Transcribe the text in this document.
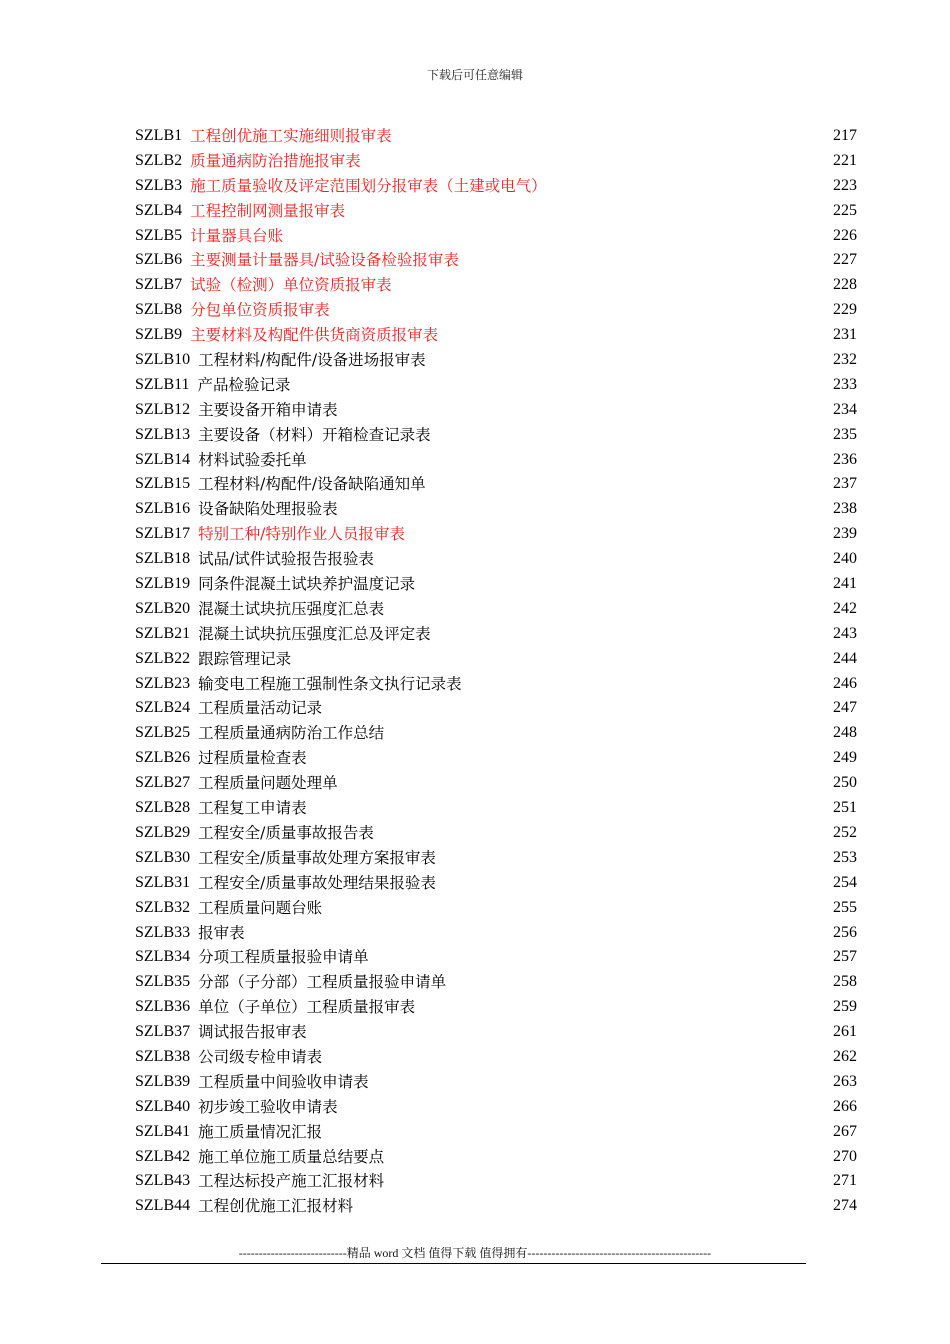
下载后可任意编辑
SZLB1 工程创优施工实施细则报审表	217
SZLB2 质量通病防治措施报审表	221
SZLB3 施工质量验收及评定范围划分报审表（土建或电气）	223
SZLB4 工程控制网测量报审表	225
SZLB5 计量器具台账	226
SZLB6 主要测量计量器具/试验设备检验报审表	227
SZLB7 试验（检测）单位资质报审表	228
SZLB8 分包单位资质报审表	229
SZLB9 主要材料及构配件供货商资质报审表	231
SZLB10 工程材料/构配件/设备进场报审表	232
SZLB11 产品检验记录	233
SZLB12 主要设备开箱申请表	234
SZLB13 主要设备（材料）开箱检查记录表	235
SZLB14 材料试验委托单	236
SZLB15 工程材料/构配件/设备缺陷通知单	237
SZLB16 设备缺陷处理报验表	238
SZLB17 特别工种/特别作业人员报审表	239
SZLB18 试品/试件试验报告报验表	240
SZLB19 同条件混凝土试块养护温度记录	241
SZLB20 混凝土试块抗压强度汇总表	242
SZLB21 混凝土试块抗压强度汇总及评定表	243
SZLB22 跟踪管理记录	244
SZLB23 输变电工程施工强制性条文执行记录表	246
SZLB24 工程质量活动记录	247
SZLB25 工程质量通病防治工作总结	248
SZLB26 过程质量检查表	249
SZLB27 工程质量问题处理单	250
SZLB28 工程复工申请表	251
SZLB29 工程安全/质量事故报告表	252
SZLB30 工程安全/质量事故处理方案报审表	253
SZLB31 工程安全/质量事故处理结果报验表	254
SZLB32 工程质量问题台账	255
SZLB33 报审表	256
SZLB34 分项工程质量报验申请单	257
SZLB35 分部（子分部）工程质量报验申请单	258
SZLB36 单位（子单位）工程质量报审表	259
SZLB37 调试报告报审表	261
SZLB38 公司级专检申请表	262
SZLB39 工程质量中间验收申请表	263
SZLB40 初步竣工验收申请表	266
SZLB41 施工质量情况汇报	267
SZLB42 施工单位施工质量总结要点	270
SZLB43 工程达标投产施工汇报材料	271
SZLB44 工程创优施工汇报材料	274
---------------------------精品 word 文档 值得下载 值得拥有----------------------------------------------
